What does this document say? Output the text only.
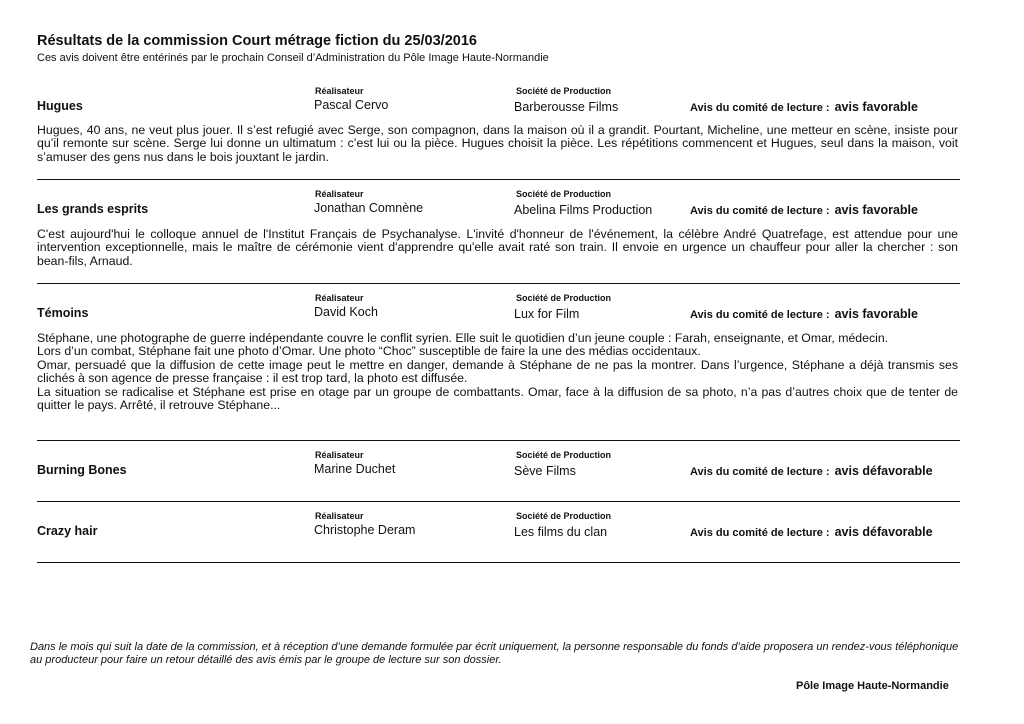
Résultats de la commission Court métrage fiction du 25/03/2016
Ces avis doivent être entérinés par le prochain Conseil d’Administration du Pôle Image Haute-Normandie
Réalisateur	Société de Production
Hugues	Pascal Cervo	Barberousse Films	Avis du comité de lecture : avis favorable

Hugues, 40 ans, ne veut plus jouer. Il s’est refugié avec Serge, son compagnon, dans la maison où il a grandit. Pourtant, Micheline, une metteur en scène, insiste pour qu’il remonte sur scène. Serge lui donne un ultimatum : c’est lui ou la pièce. Hugues choisit la pièce. Les répétitions commencent et Hugues, seul dans la maison, voit s’amuser des gens nus dans le bois jouxtant le jardin.

Réalisateur	Société de Production
Les grands esprits	Jonathan Comnène	Abelina Films Production	Avis du comité de lecture : avis favorable

C'est aujourd'hui le colloque annuel de l'Institut Français de Psychanalyse. L'invité d'honneur de l'événement, la célèbre André Quatrefage, est attendue pour une intervention exceptionnelle, mais le maître de cérémonie vient d'apprendre qu'elle avait raté son train. Il envoie en urgence un chauffeur pour aller la chercher : son bean-fils, Arnaud.

Réalisateur	Société de Production
Témoins	David Koch	Lux for Film	Avis du comité de lecture : avis favorable

Stéphane, une photographe de guerre indépendante couvre le conflit syrien. Elle suit le quotidien d’un jeune couple : Farah, enseignante, et Omar, médecin.

Lors d’un combat, Stéphane fait une photo d’Omar. Une photo “Choc” susceptible de faire la une des médias occidentaux.

Omar, persuadé que la diffusion de cette image peut le mettre en danger, demande à Stéphane de ne pas la montrer. Dans l’urgence, Stéphane a déjà transmis ses clichés à son agence de presse française : il est trop tard, la photo est diffusée.

La situation se radicalise et Stéphane est prise en otage par un groupe de combattants. Omar, face à la diffusion de sa photo, n’a pas d’autres choix que de tenter de quitter le pays. Arrêté, il retrouve Stéphane...

Réalisateur	Société de Production
Burning Bones	Marine Duchet	Sève Films	Avis du comité de lecture : avis défavorable
Réalisateur	Société de Production
Crazy hair	Christophe Deram	Les films du clan	Avis du comité de lecture : avis défavorable
Dans le mois qui suit la date de la commission, et à réception d’une demande formulée par écrit uniquement, la personne responsable du fonds d’aide proposera un rendez-vous téléphonique au producteur pour faire un retour détaillé des avis émis par le groupe de lecture sur son dossier.
Pôle Image Haute-Normandie
